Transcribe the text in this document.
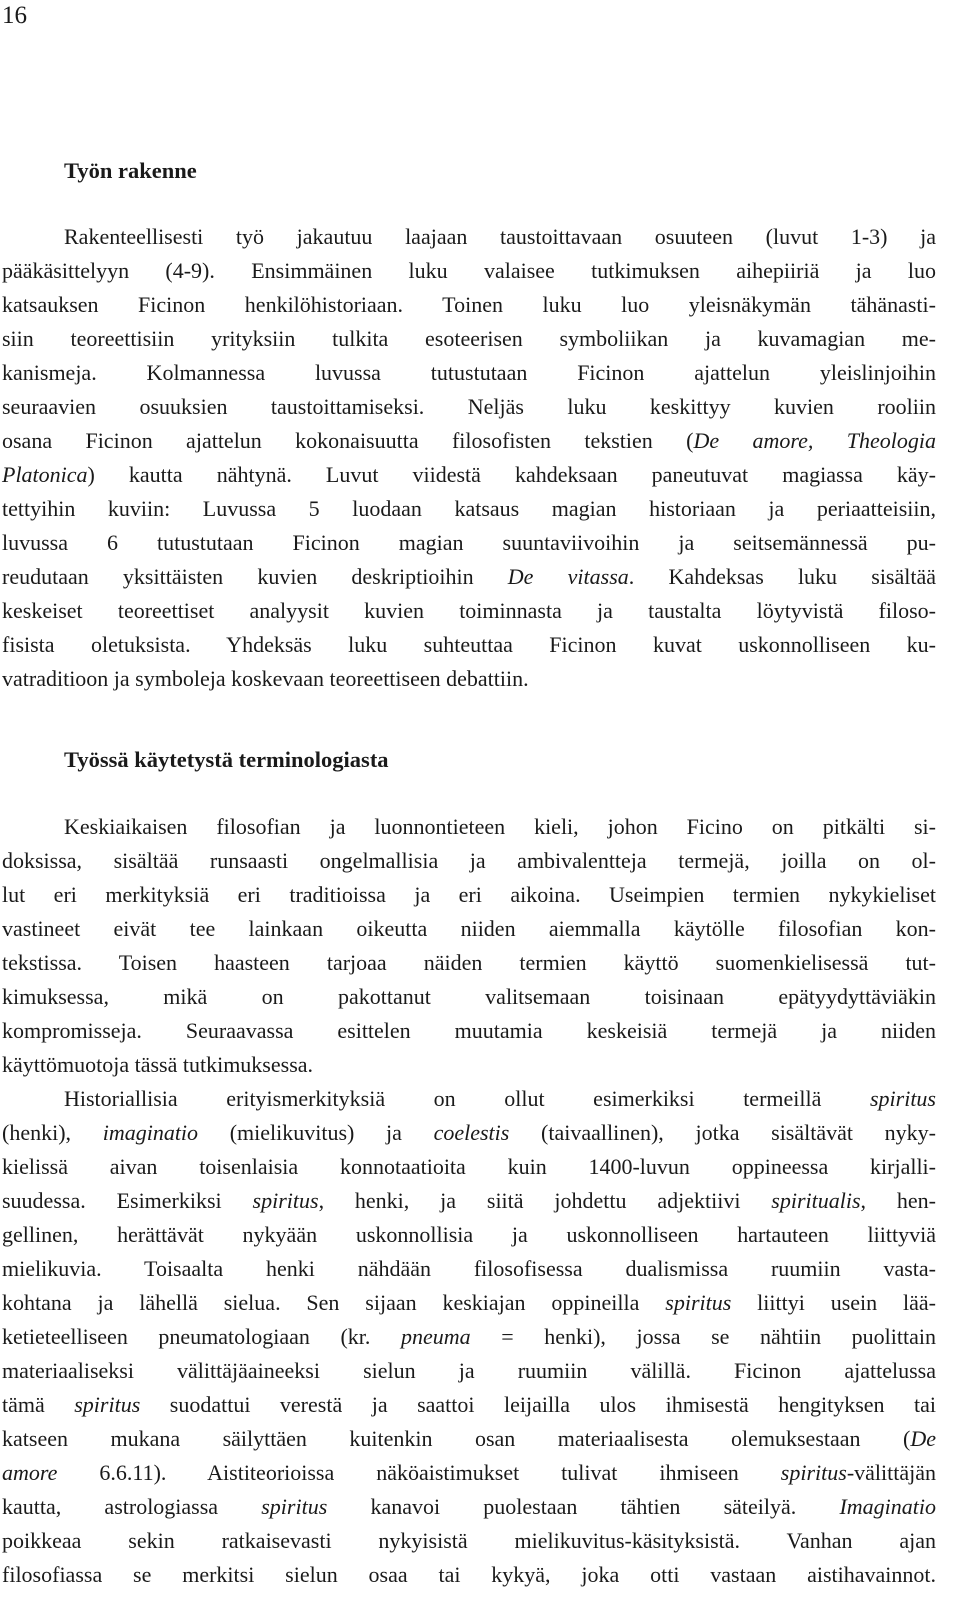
16
Työn rakenne
Rakenteellisesti työ jakautuu laajaan taustoittavaan osuuteen (luvut 1-3) ja
pääkäsittelyyn (4-9). Ensimmäinen luku valaisee tutkimuksen aihepiiriä ja luo
katsauksen Ficinon henkilöhistoriaan. Toinen luku luo yleisnäkymän tähänasti-
siin teoreettisiin yrityksiin tulkita esoteerisen symboliikan ja kuvamagian me-
kanismeja. Kolmannessa luvussa tutustutaan Ficinon ajattelun yleislinjoihin
seuraavien osuuksien taustoittamiseksi. Neljäs luku keskittyy kuvien rooliin
osana Ficinon ajattelun kokonaisuutta filosofisten tekstien (De amore, Theologia
Platonica) kautta nähtynä. Luvut viidestä kahdeksaan paneutuvat magiassa käy-
tettyihin kuviin: Luvussa 5 luodaan katsaus magian historiaan ja periaatteisiin,
luvussa 6 tutustutaan Ficinon magian suuntaviivoihin ja seitsemännessä pu-
reudutaan yksittäisten kuvien deskriptioihin De vitassa. Kahdeksas luku sisältää
keskeiset teoreettiset analyysit kuvien toiminnasta ja taustalta löytyvistä filoso-
fisista oletuksista. Yhdeksäs luku suhteuttaa Ficinon kuvat uskonnolliseen ku-
vatraditioon ja symboleja koskevaan teoreettiseen debattiin.
Työssä käytetystä terminologiasta
Keskiaikaisen filosofian ja luonnontieteen kieli, johon Ficino on pitkälti si-
doksissa, sisältää runsaasti ongelmallisia ja ambivalentteja termejä, joilla on ol-
lut eri merkityksiä eri traditioissa ja eri aikoina. Useimpien termien nykykieliset
vastineet eivät tee lainkaan oikeutta niiden aiemmalla käytölle filosofian kon-
tekstissa. Toisen haasteen tarjoaa näiden termien käyttö suomenkielisessä tut-
kimuksessa, mikä on pakottanut valitsemaan toisinaan epätyydyttäviäkin
kompromisseja. Seuraavassa esittelen muutamia keskeisiä termejä ja niiden
käyttömuotoja tässä tutkimuksessa.
Historiallisia erityismerkityksiä on ollut esimerkiksi termeillä spiritus
(henki), imaginatio (mielikuvitus) ja coelestis (taivaallinen), jotka sisältävät nyky-
kielissä aivan toisenlaisia konnotaatioita kuin 1400-luvun oppineessa kirjalli-
suudessa. Esimerkiksi spiritus, henki, ja siitä johdettu adjektiivi spiritualis, hen-
gellinen, herättävät nykyään uskonnollisia ja uskonnolliseen hartauteen liittyviä
mielikuvia. Toisaalta henki nähdään filosofisessa dualismissa ruumiin vasta-
kohtana ja lähellä sielua. Sen sijaan keskiajan oppineilla spiritus liittyi usein lää-
ketieteelliseen pneumatologiaan (kr. pneuma = henki), jossa se nähtiin puolittain
materiaaliseksi välittäjäaineeksi sielun ja ruumiin välillä. Ficinon ajattelussa
tämä spiritus suodattui verestä ja saattoi leijailla ulos ihmisestä hengityksen tai
katseen mukana säilyttäen kuitenkin osan materiaalisesta olemuksestaan (De
amore 6.6.11). Aistiteorioissa näköaistimukset tulivat ihmiseen spiritus-välittäjän
kautta, astrologiassa spiritus kanavoi puolestaan tähtien säteilyä. Imaginatio
poikkeaa sekin ratkaisevasti nykyisistä mielikuvitus-käsityksistä. Vanhan ajan
filosofiassa se merkitsi sielun osaa tai kykyä, joka otti vastaan aistihavainnot.
